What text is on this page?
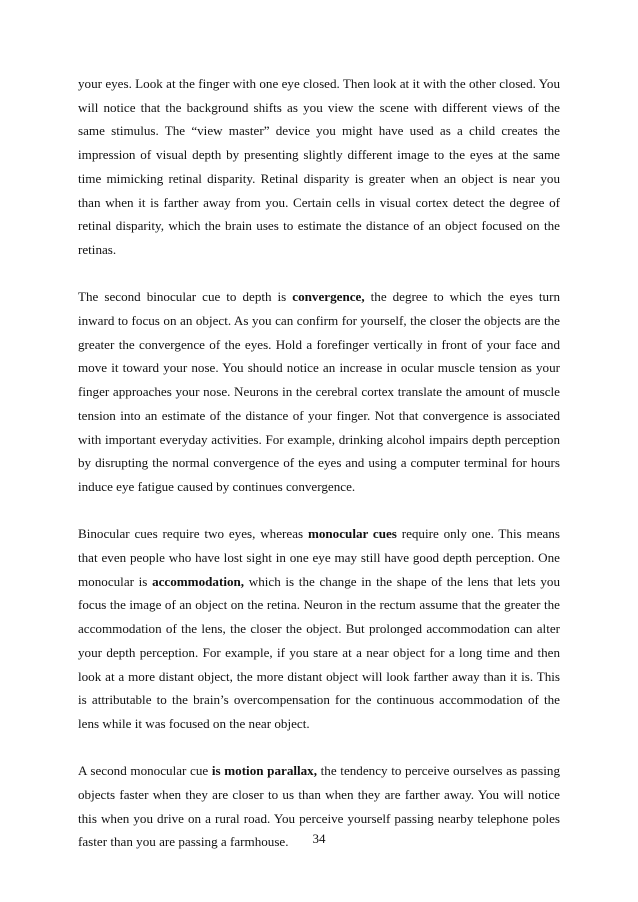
your eyes. Look at the finger with one eye closed. Then look at it with the other closed. You will notice that the background shifts as you view the scene with different views of the same stimulus. The “view master” device you might have used as a child creates the impression of visual depth by presenting slightly different image to the eyes at the same time mimicking retinal disparity. Retinal disparity is greater when an object is near you than when it is farther away from you. Certain cells in visual cortex detect the degree of retinal disparity, which the brain uses to estimate the distance of an object focused on the retinas.

The second binocular cue to depth is convergence, the degree to which the eyes turn inward to focus on an object. As you can confirm for yourself, the closer the objects are the greater the convergence of the eyes. Hold a forefinger vertically in front of your face and move it toward your nose. You should notice an increase in ocular muscle tension as your finger approaches your nose. Neurons in the cerebral cortex translate the amount of muscle tension into an estimate of the distance of your finger. Not that convergence is associated with important everyday activities. For example, drinking alcohol impairs depth perception by disrupting the normal convergence of the eyes and using a computer terminal for hours induce eye fatigue caused by continues convergence.

Binocular cues require two eyes, whereas monocular cues require only one. This means that even people who have lost sight in one eye may still have good depth perception. One monocular is accommodation, which is the change in the shape of the lens that lets you focus the image of an object on the retina. Neuron in the rectum assume that the greater the accommodation of the lens, the closer the object. But prolonged accommodation can alter your depth perception. For example, if you stare at a near object for a long time and then look at a more distant object, the more distant object will look farther away than it is. This is attributable to the brain’s overcompensation for the continuous accommodation of the lens while it was focused on the near object.

A second monocular cue is motion parallax, the tendency to perceive ourselves as passing objects faster when they are closer to us than when they are farther away. You will notice this when you drive on a rural road. You perceive yourself passing nearby telephone poles faster than you are passing a farmhouse.	34
